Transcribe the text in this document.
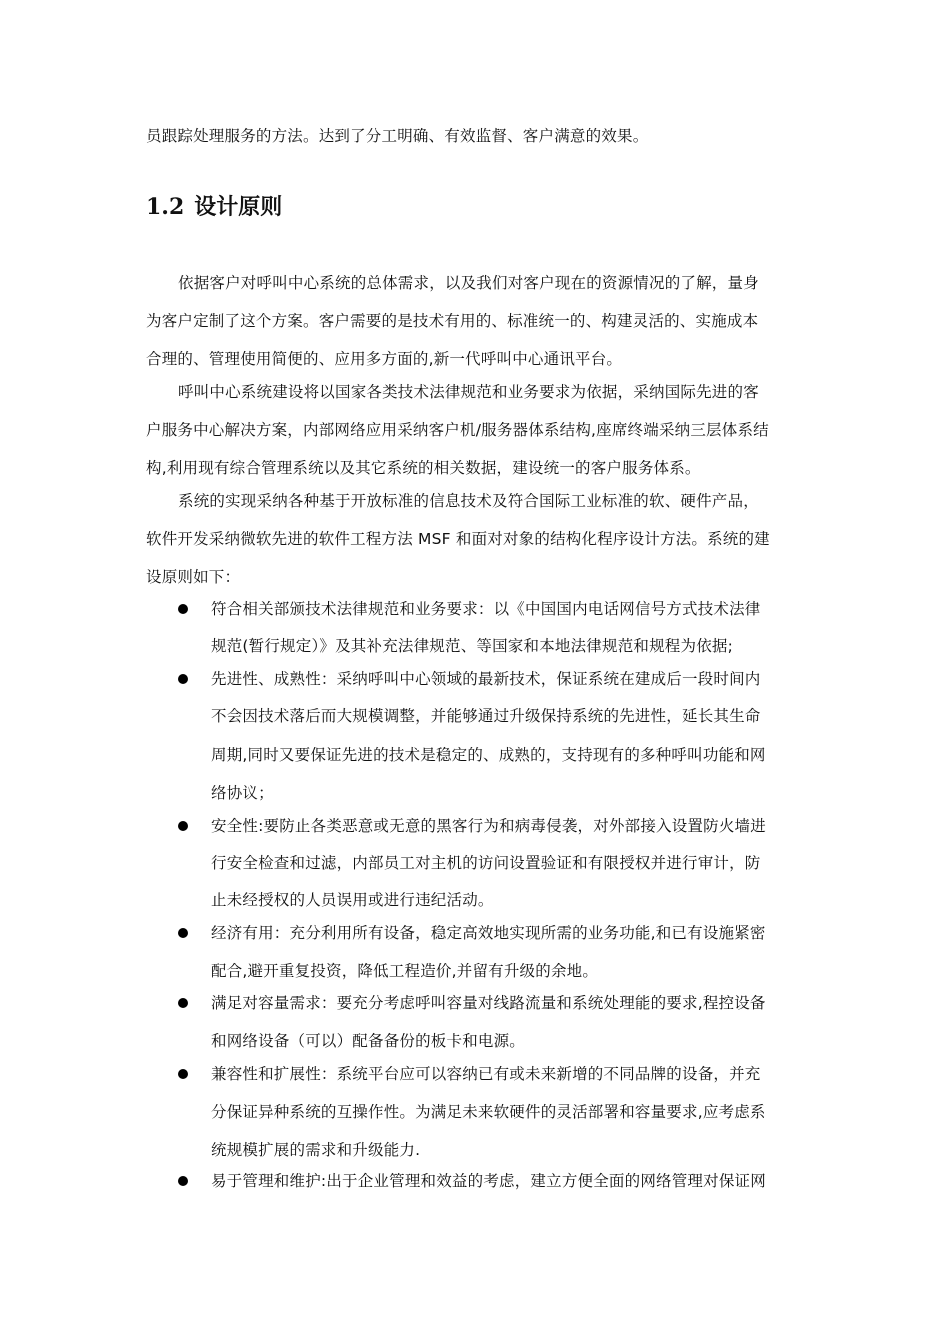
员跟踪处理服务的方法。达到了分工明确、有效监督、客户满意的效果。
1.2 设计原则
依据客户对呼叫中心系统的总体需求，以及我们对客户现在的资源情况的了解，量身
为客户定制了这个方案。客户需要的是技术有用的、标准统一的、构建灵活的、实施成本
合理的、管理使用简便的、应用多方面的,新一代呼叫中心通讯平台。
呼叫中心系统建设将以国家各类技术法律规范和业务要求为依据，采纳国际先进的客
户服务中心解决方案，内部网络应用采纳客户机/服务器体系结构,座席终端采纳三层体系结
构,利用现有综合管理系统以及其它系统的相关数据，建设统一的客户服务体系。
系统的实现采纳各种基于开放标准的信息技术及符合国际工业标准的软、硬件产品，
软件开发采纳微软先进的软件工程方法 MSF 和面对对象的结构化程序设计方法。系统的建
设原则如下：
符合相关部颁技术法律规范和业务要求：以《中国国内电话网信号方式技术法律
规范(暂行规定）》及其补充法律规范、等国家和本地法律规范和规程为依据;
先进性、成熟性：采纳呼叫中心领域的最新技术，保证系统在建成后一段时间内
不会因技术落后而大规模调整，并能够通过升级保持系统的先进性，延长其生命
周期,同时又要保证先进的技术是稳定的、成熟的，支持现有的多种呼叫功能和网
络协议；
安全性:要防止各类恶意或无意的黑客行为和病毒侵袭，对外部接入设置防火墙进
行安全检查和过滤，内部员工对主机的访问设置验证和有限授权并进行审计，防
止未经授权的人员误用或进行违纪活动。
经济有用：充分利用所有设备，稳定高效地实现所需的业务功能,和已有设施紧密
配合,避开重复投资，降低工程造价,并留有升级的余地。
满足对容量需求：要充分考虑呼叫容量对线路流量和系统处理能的要求,程控设备
和网络设备（可以）配备备份的板卡和电源。
兼容性和扩展性：系统平台应可以容纳已有或未来新增的不同品牌的设备，并充
分保证异种系统的互操作性。为满足未来软硬件的灵活部署和容量要求,应考虑系
统规模扩展的需求和升级能力.
易于管理和维护:出于企业管理和效益的考虑，建立方便全面的网络管理对保证网
